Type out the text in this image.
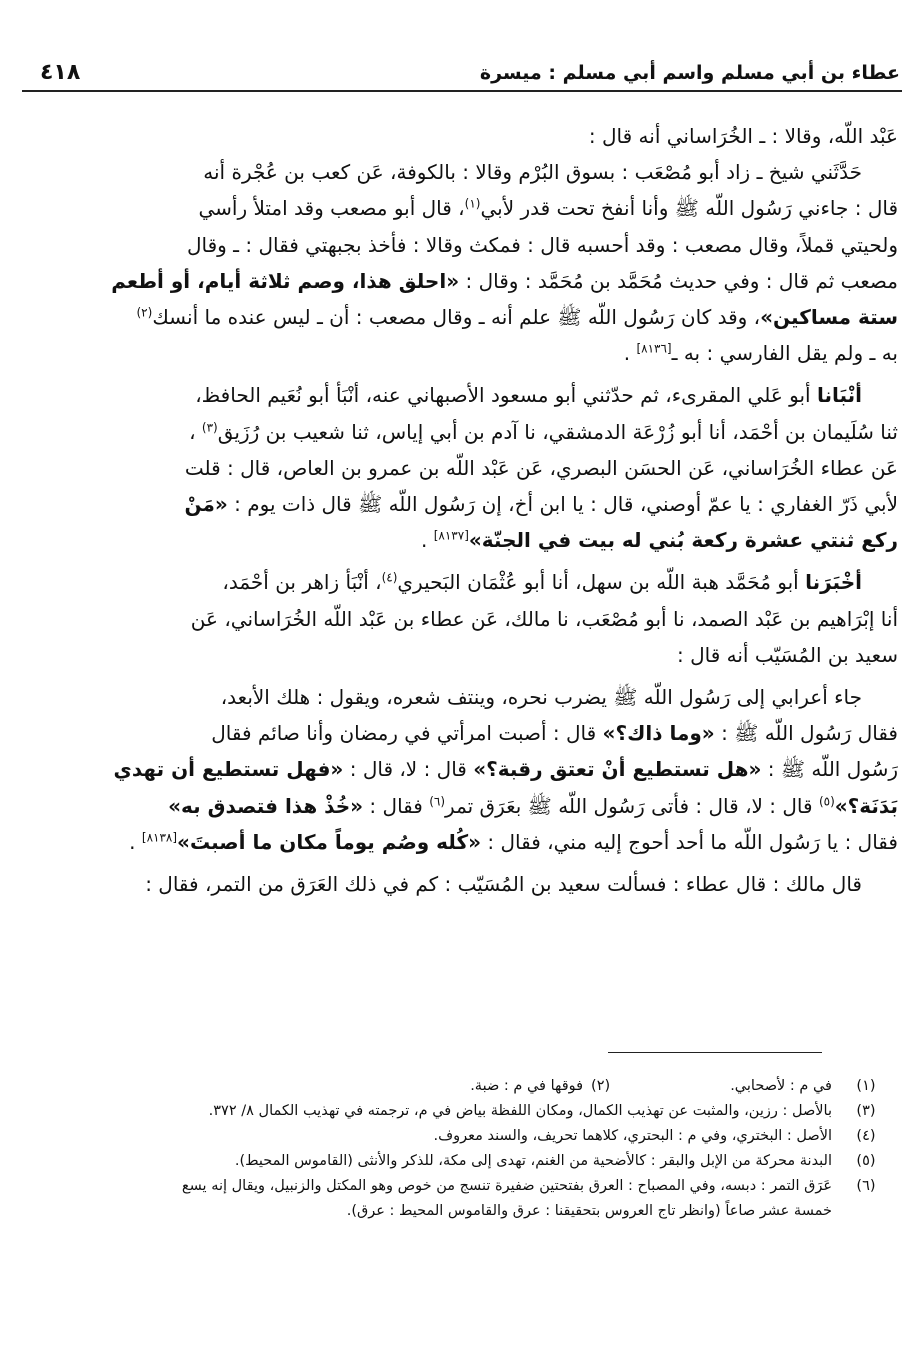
عطاء بن أبي مسلم واسم أبي مسلم : ميسرة
٤١٨

عَبْد اللّه، وقالا : ـ الخُرَاساني أنه قال :

حَدَّثَني شيخ ـ زاد أبو مُصْعَب : بسوق البُرْم وقالا : بالكوفة، عَن كعب بن عُجْرة أنه

قال : جاءني رَسُول اللّه ﷺ وأنا أنفخ تحت قدر لأبي$^{(١)}$، قال أبو مصعب وقد امتلأ رأسي

ولحيتي قملاً، وقال مصعب : وقد أحسبه قال : فمكث وقالا : فأخذ بجبهتي فقال : ـ وقال

مصعب ثم قال : وفي حديث مُحَمَّد بن مُحَمَّد : وقال : «احلق هذا، وصم ثلاثة أيام، أو أطعم

ستة مساكين»، وقد كان رَسُول اللّه ﷺ علم أنه ـ وقال مصعب : أن ـ ليس عنده ما أنسك$^{(٢)}$

به ـ ولم يقل الفارسي : به ـ[٨١٣٦] .

أنْبَانا أبو عَلي المقرىء، ثم حدّثني أبو مسعود الأصبهاني عنه، أنْبَأ أبو نُعَيم الحافظ،

ثنا سُلَيمان بن أحْمَد، أنا أبو زُرْعَة الدمشقي، نا آدم بن أبي إياس، ثنا شعيب بن رُزَيق$^{(٣)}$ ،

عَن عطاء الخُرَاساني، عَن الحسَن البصري، عَن عَبْد اللّه بن عمرو بن العاص، قال : قلت

لأبي ذَرّ الغفاري : يا عمّ أوصني، قال : يا ابن أخ، إن رَسُول اللّه ﷺ قال ذات يوم : «مَنْ

ركع ثنتي عشرة ركعة بُني له بيت في الجنّة»[٨١٣٧] .

أخْبَرَنا أبو مُحَمَّد هبة اللّه بن سهل، أنا أبو عُثْمَان البَحيري$^{(٤)}$، أنْبَأ زاهر بن أحْمَد،

أنا إبْرَاهيم بن عَبْد الصمد، نا أبو مُصْعَب، نا مالك، عَن عطاء بن عَبْد اللّه الخُرَاساني، عَن

سعيد بن المُسَيّب أنه قال :

جاء أعرابي إلى رَسُول اللّه ﷺ يضرب نحره، وينتف شعره، ويقول : هلك الأبعد،

فقال رَسُول اللّه ﷺ : «وما ذاك؟» قال : أصبت امرأتي في رمضان وأنا صائم فقال

رَسُول اللّه ﷺ : «هل تستطيع أنْ تعتق رقبة؟» قال : لا، قال : «فهل تستطيع أن تهدي

بَدَنَة؟»$^{(٥)}$ قال : لا، قال : فأتى رَسُول اللّه ﷺ بعَرَق تمر$^{(٦)}$ فقال : «خُذْ هذا فتصدق به»

فقال : يا رَسُول اللّه ما أحد أحوج إليه مني، فقال : «كُله وصُم يوماً مكان ما أصبتَ»[٨١٣٨] .

قال مالك : قال عطاء : فسألت سعيد بن المُسَيّب : كم في ذلك العَرَق من التمر، فقال :

(١)
في م : لأصحابي.
(٢)
فوقها في م : ضبة.
(٣)
بالأصل : رزين، والمثبت عن تهذيب الكمال، ومكان اللفظة بياض في م، ترجمته في تهذيب الكمال ٨/ ٣٧٢.
(٤)
الأصل : البختري، وفي م : البحتري، كلاهما تحريف، والسند معروف.
(٥)
البدنة محركة من الإبل والبقر : كالأضحية من الغنم، تهدى إلى مكة، للذكر والأنثى (القاموس المحيط).
(٦)
عَرَق التمر : دبسه، وفي المصباح : العرق بفتحتين ضفيرة تنسج من خوص وهو المكتل والزنبيل، ويقال إنه يسع
خمسة عشر صاعاً (وانظر تاج العروس بتحقيقنا : عرق والقاموس المحيط : عرق).
